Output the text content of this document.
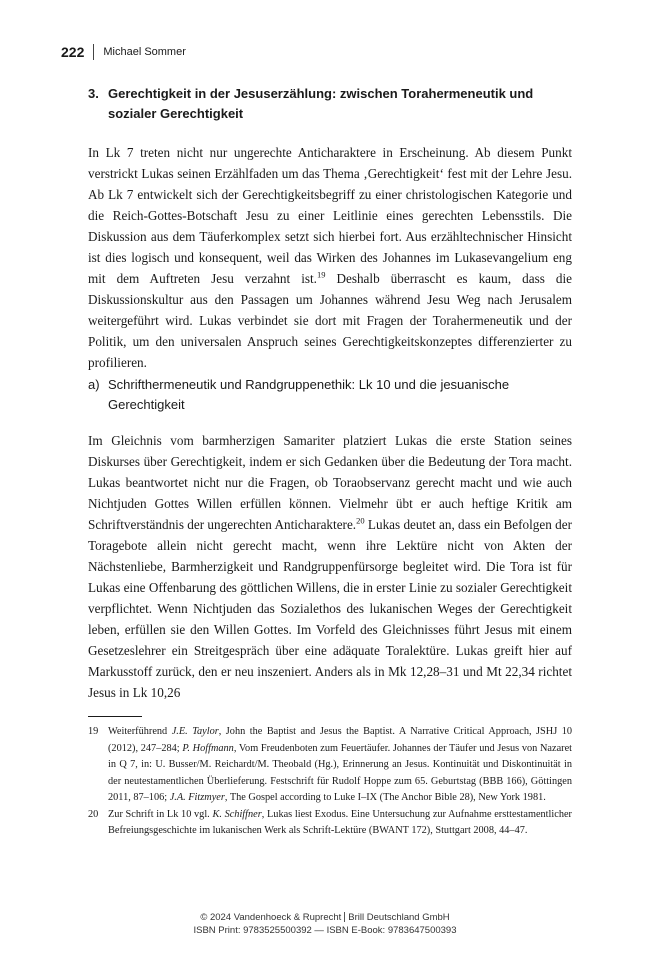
222 Michael Sommer
3. Gerechtigkeit in der Jesuserzählung: zwischen Torahermeneutik und sozialer Gerechtigkeit

In Lk 7 treten nicht nur ungerechte Anticharaktere in Erscheinung. Ab diesem Punkt verstrickt Lukas seinen Erzählfaden um das Thema ‚Gerechtigkeit‘ fest mit der Lehre Jesu. Ab Lk 7 entwickelt sich der Gerechtigkeitsbegriff zu einer christologischen Kategorie und die Reich-Gottes-Botschaft Jesu zu einer Leitlinie eines gerechten Lebensstils. Die Diskussion aus dem Täuferkomplex setzt sich hierbei fort. Aus erzähltechnischer Hinsicht ist dies logisch und konsequent, weil das Wirken des Johannes im Lukasevangelium eng mit dem Auftreten Jesu verzahnt ist.$^{19}$ Deshalb überrascht es kaum, dass die Diskussionskultur aus den Passagen um Johannes während Jesu Weg nach Jerusalem weitergeführt wird. Lukas verbindet sie dort mit Fragen der Torahermeneutik und der Politik, um den universalen Anspruch seines Gerechtigkeitskonzeptes differenzierter zu profilieren.

a) Schrifthermeneutik und Randgruppenethik: Lk 10 und die jesuanische Gerechtigkeit

Im Gleichnis vom barmherzigen Samariter platziert Lukas die erste Station seines Diskurses über Gerechtigkeit, indem er sich Gedanken über die Bedeutung der Tora macht. Lukas beantwortet nicht nur die Fragen, ob Toraobservanz gerecht macht und wie auch Nichtjuden Gottes Willen erfüllen können. Vielmehr übt er auch heftige Kritik am Schriftverständnis der ungerechten Anticharaktere.$^{20}$ Lukas deutet an, dass ein Befolgen der Toragebote allein nicht gerecht macht, wenn ihre Lektüre nicht von Akten der Nächstenliebe, Barmherzigkeit und Randgruppenfürsorge begleitet wird. Die Tora ist für Lukas eine Offenbarung des göttlichen Willens, die in erster Linie zu sozialer Gerechtigkeit verpflichtet. Wenn Nichtjuden das Sozialethos des lukanischen Weges der Gerechtigkeit leben, erfüllen sie den Willen Gottes. Im Vorfeld des Gleichnisses führt Jesus mit einem Gesetzeslehrer ein Streitgespräch über eine adäquate Toralektüre. Lukas greift hier auf Markusstoff zurück, den er neu inszeniert. Anders als in Mk 12,28–31 und Mt 22,34 richtet Jesus in Lk 10,26

19 Weiterführend J.E. Taylor, John the Baptist and Jesus the Baptist. A Narrative Critical Approach, JSHJ 10 (2012), 247–284; P. Hoffmann, Vom Freudenboten zum Feuertäufer. Johannes der Täufer und Jesus von Nazaret in Q 7, in: U. Busser/M. Reichardt/M. Theobald (Hg.), Erinnerung an Jesus. Kontinuität und Diskontinuität in der neutestamentlichen Überlieferung. Festschrift für Rudolf Hoppe zum 65. Geburtstag (BBB 166), Göttingen 2011, 87–106; J.A. Fitzmyer, The Gospel according to Luke I–IX (The Anchor Bible 28), New York 1981.
20 Zur Schrift in Lk 10 vgl. K. Schiffner, Lukas liest Exodus. Eine Untersuchung zur Aufnahme ersttestamentlicher Befreiungsgeschichte im lukanischen Werk als Schrift-Lektüre (BWANT 172), Stuttgart 2008, 44–47.
© 2024 Vandenhoeck & Ruprecht Brill Deutschland GmbH
ISBN Print: 9783525500392 — ISBN E-Book: 9783647500393
